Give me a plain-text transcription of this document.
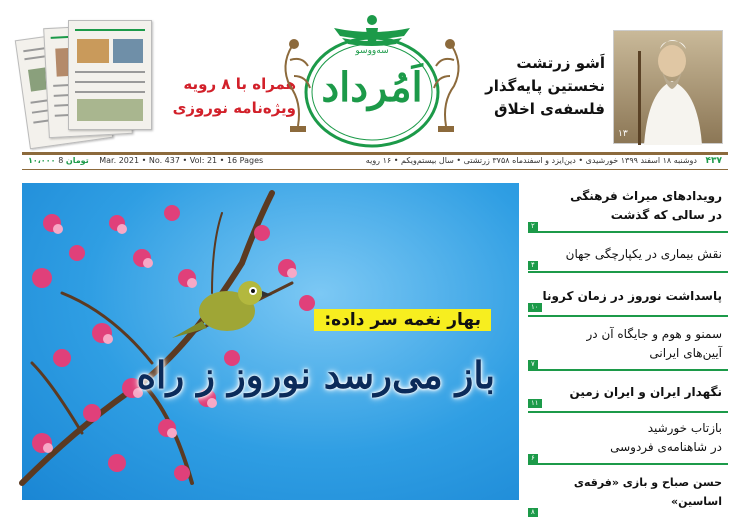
همراه با ۸ رویه
ویژه‌نامه نوروزی
سه‌ووسو
اَمُرداد
اَشو زرتشت
نخستین پایه‌گذار
فلسفه‌ی اخلاق
۱۳
۱۰،۰۰۰ تومان 8 Mar. 2021 • No. 437 • Vol: 21 • 16 Pages	۴۳۷ دوشنبه ۱۸ اسفند ۱۳۹۹ خورشیدی • دین‌ایزد و اسفندماه ۳۷۵۸ زرتشتی • سال بیستم‌ویکم • ۱۶ رویه
بهار نغمه سر داده:
باز می‌رسد نوروز ز راه
رویدادهای میراث فرهنگی
در سالی که گذشت
۲
نقش بیماری در یکپارچگی جهان
۴
پاسداشت نوروز در زمان کرونا
۱۰
سمنو و هوم و جایگاه آن در
آیین‌های ایرانی
۷
نگهدار ایران و ایران زمین
۱۱
بازتاب خورشید
در شاهنامه‌ی فردوسی
۶
حسن صباح و بازی «فرقه‌ی اساسین»
۸
